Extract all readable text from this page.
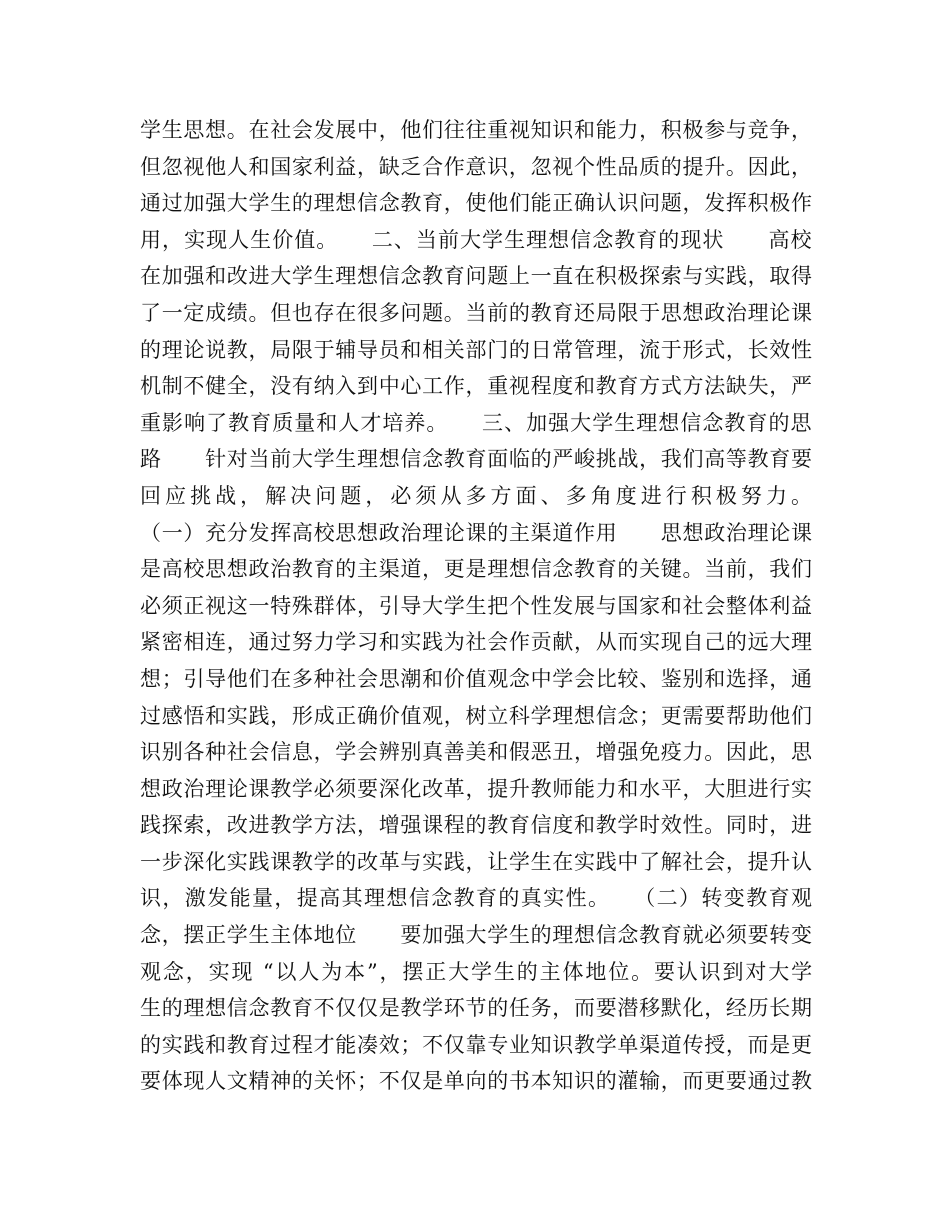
学生思想。在社会发展中，他们往往重视知识和能力，积极参与竞争，
但忽视他人和国家利益，缺乏合作意识，忽视个性品质的提升。因此，
通过加强大学生的理想信念教育，使他们能正确认识问题，发挥积极作
用，实现人生价值。　　二、当前大学生理想信念教育的现状　　高校
在加强和改进大学生理想信念教育问题上一直在积极探索与实践，取得
了一定成绩。但也存在很多问题。当前的教育还局限于思想政治理论课
的理论说教，局限于辅导员和相关部门的日常管理，流于形式，长效性
机制不健全，没有纳入到中心工作，重视程度和教育方式方法缺失，严
重影响了教育质量和人才培养。　　三、加强大学生理想信念教育的思
路　　针对当前大学生理想信念教育面临的严峻挑战，我们高等教育要
回应挑战，解决问题，必须从多方面、多角度进行积极努力。
（一）充分发挥高校思想政治理论课的主渠道作用　　思想政治理论课
是高校思想政治教育的主渠道，更是理想信念教育的关键。当前，我们
必须正视这一特殊群体，引导大学生把个性发展与国家和社会整体利益
紧密相连，通过努力学习和实践为社会作贡献，从而实现自己的远大理
想；引导他们在多种社会思潮和价值观念中学会比较、鉴别和选择，通
过感悟和实践，形成正确价值观，树立科学理想信念；更需要帮助他们
识别各种社会信息，学会辨别真善美和假恶丑，增强免疫力。因此，思
想政治理论课教学必须要深化改革，提升教师能力和水平，大胆进行实
践探索，改进教学方法，增强课程的教育信度和教学时效性。同时，进
一步深化实践课教学的改革与实践，让学生在实践中了解社会，提升认
识，激发能量，提高其理想信念教育的真实性。　　（二）转变教育观
念，摆正学生主体地位　　要加强大学生的理想信念教育就必须要转变
观念，实现 “以人为本”，摆正大学生的主体地位。要认识到对大学
生的理想信念教育不仅仅是教学环节的任务，而要潜移默化，经历长期
的实践和教育过程才能凑效；不仅靠专业知识教学单渠道传授，而是更
要体现人文精神的关怀；不仅是单向的书本知识的灌输，而更要通过教
